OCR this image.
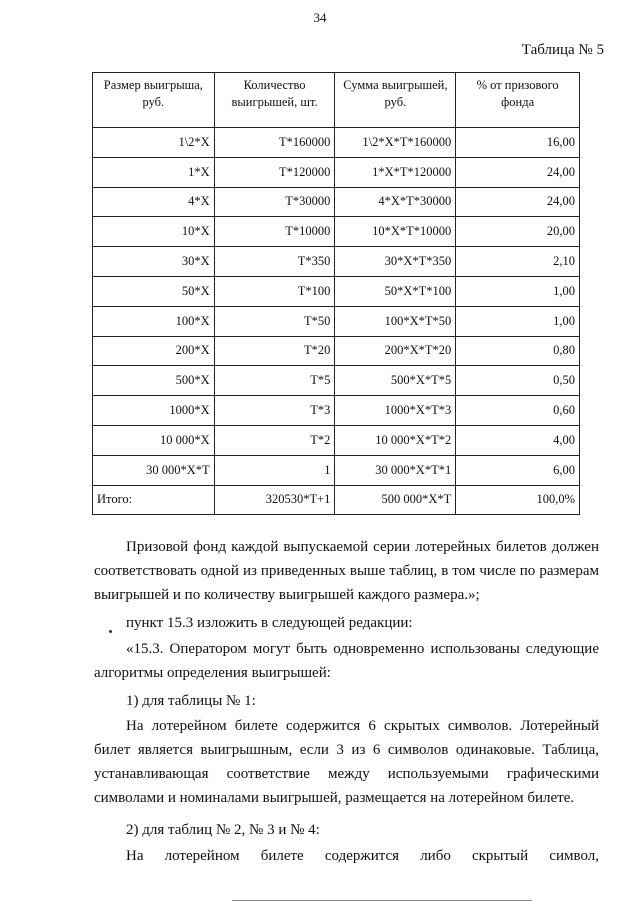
34
Таблица № 5
Размер выигрыша, руб.	Количество выигрышей, шт.	Сумма выигрышей, руб.	% от призового фонда
1\2*Х	Т*160000	1\2*Х*Т*160000	16,00
1*Х	Т*120000	1*Х*Т*120000	24,00
4*Х	Т*30000	4*Х*Т*30000	24,00
10*Х	Т*10000	10*Х*Т*10000	20,00
30*Х	Т*350	30*Х*Т*350	2,10
50*Х	Т*100	50*Х*Т*100	1,00
100*Х	Т*50	100*Х*Т*50	1,00
200*Х	Т*20	200*Х*Т*20	0,80
500*Х	Т*5	500*Х*Т*5	0,50
1000*Х	Т*3	1000*Х*Т*3	0,60
10 000*Х	Т*2	10 000*Х*Т*2	4,00
30 000*Х*Т	1	30 000*Х*Т*1	6,00
Итого:	320530*Т+1	500 000*Х*Т	100,0%

Призовой фонд каждой выпускаемой серии лотерейных билетов должен соответствовать одной из приведенных выше таблиц, в том числе по размерам выигрышей и по количеству выигрышей каждого размера.»;

пункт 15.3 изложить в следующей редакции:

«15.3. Оператором могут быть одновременно использованы следующие алгоритмы определения выигрышей:

1) для таблицы № 1:

На лотерейном билете содержится 6 скрытых символов. Лотерейный билет является выигрышным, если 3 из 6 символов одинаковые. Таблица, устанавливающая соответствие между используемыми графическими символами и номиналами выигрышей, размещается на лотерейном билете.

2) для таблиц № 2, № 3 и № 4:

На лотерейном билете содержится либо скрытый символ,
